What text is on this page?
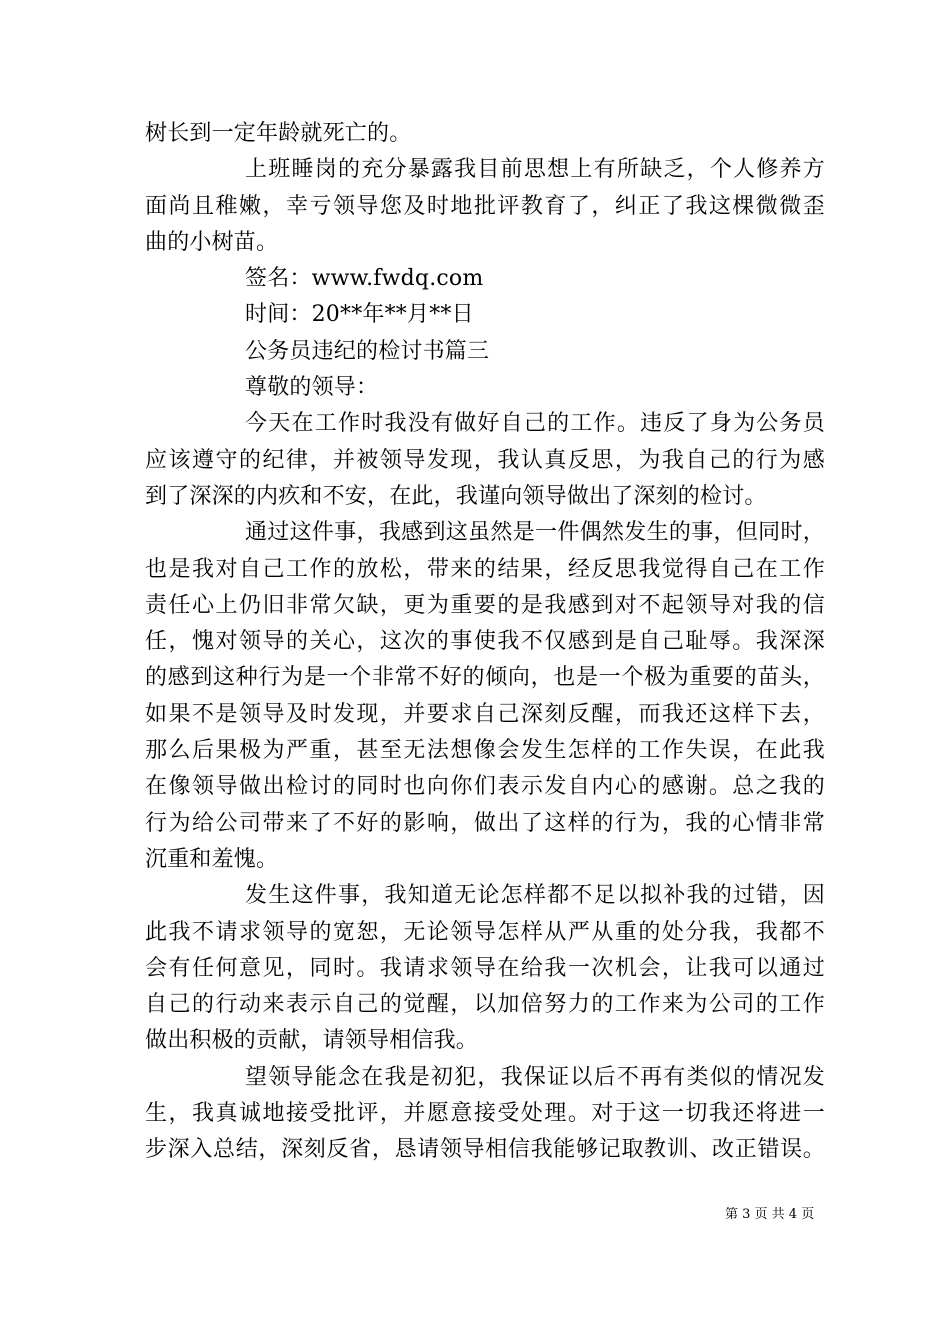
树长到一定年龄就死亡的。
上班睡岗的充分暴露我目前思想上有所缺乏，个人修养方
面尚且稚嫩，幸亏领导您及时地批评教育了，纠正了我这棵微微歪
曲的小树苗。
签名：www.fwdq.com
时间：20**年**月**日
公务员违纪的检讨书篇三
尊敬的领导：
今天在工作时我没有做好自己的工作。违反了身为公务员
应该遵守的纪律，并被领导发现，我认真反思，为我自己的行为感
到了深深的内疚和不安，在此，我谨向领导做出了深刻的检讨。
通过这件事，我感到这虽然是一件偶然发生的事，但同时，
也是我对自己工作的放松，带来的结果，经反思我觉得自己在工作
责任心上仍旧非常欠缺，更为重要的是我感到对不起领导对我的信
任，愧对领导的关心，这次的事使我不仅感到是自己耻辱。我深深
的感到这种行为是一个非常不好的倾向，也是一个极为重要的苗头，
如果不是领导及时发现，并要求自己深刻反醒，而我还这样下去，
那么后果极为严重，甚至无法想像会发生怎样的工作失误，在此我
在像领导做出检讨的同时也向你们表示发自内心的感谢。总之我的
行为给公司带来了不好的影响，做出了这样的行为，我的心情非常
沉重和羞愧。
发生这件事，我知道无论怎样都不足以拟补我的过错，因
此我不请求领导的宽恕，无论领导怎样从严从重的处分我，我都不
会有任何意见，同时。我请求领导在给我一次机会，让我可以通过
自己的行动来表示自己的觉醒，以加倍努力的工作来为公司的工作
做出积极的贡献，请领导相信我。
望领导能念在我是初犯，我保证以后不再有类似的情况发
生，我真诚地接受批评，并愿意接受处理。对于这一切我还将进一
步深入总结，深刻反省，恳请领导相信我能够记取教训、改正错误。
第 3 页 共 4 页
